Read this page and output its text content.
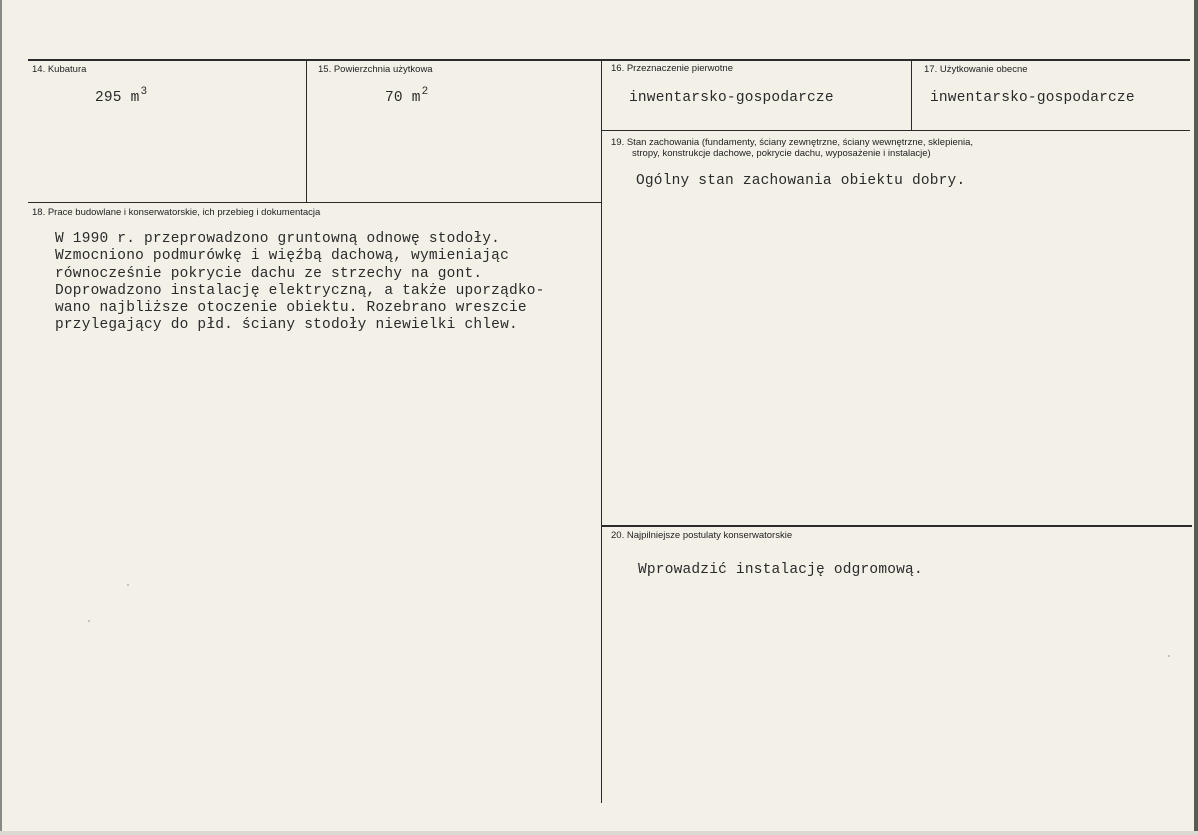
14. Kubatura
295 $m^3$
15. Powierzchnia użytkowa
70 $m^2$
16. Przeznaczenie pierwotne
inwentarsko-gospodarcze
17. Użytkowanie obecne
inwentarsko-gospodarcze
19. Stan zachowania (fundamenty, ściany zewnętrzne, ściany wewnętrzne, sklepienia,
stropy, konstrukcje dachowe, pokrycie dachu, wyposażenie i instalacje)
Ogólny stan zachowania obiektu dobry.
18. Prace budowlane i konserwatorskie, ich przebieg i dokumentacja
W 1990 r. przeprowadzono gruntowną odnowę stodoły.
Wzmocniono podmurówkę i więźbą dachową, wymieniając
równocześnie pokrycie dachu ze strzechy na gont.
Doprowadzono instalację elektryczną, a także uporządko-
wano najbliższe otoczenie obiektu. Rozebrano wreszcie
przylegający do płd. ściany stodoły niewielki chlew.
20. Najpilniejsze postulaty konserwatorskie
Wprowadzić instalację odgromową.
